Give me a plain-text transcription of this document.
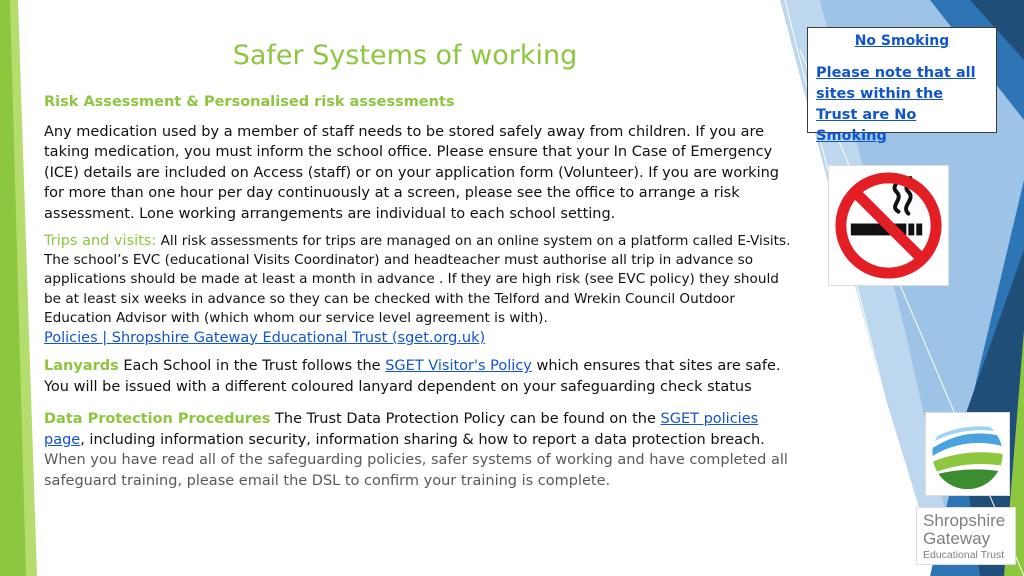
Safer Systems of working

Risk Assessment & Personalised risk assessments

Any medication used by a member of staff needs to be stored safely away from children. If you are taking medication, you must inform the school office. Please ensure that your In Case of Emergency (ICE) details are included on Access (staff) or on your application form (Volunteer). If you are working for more than one hour per day continuously at a screen, please see the office to arrange a risk assessment. Lone working arrangements are individual to each school setting.

Trips and visits: All risk assessments for trips are managed on an online system on a platform called E-Visits. The school’s EVC (educational Visits Coordinator) and headteacher must authorise all trip in advance so applications should be made at least a month in advance . If they are high risk (see EVC policy) they should be at least six weeks in advance so they can be checked with the Telford and Wrekin Council Outdoor Education Advisor with (which whom our service level agreement is with).
Policies | Shropshire Gateway Educational Trust (sget.org.uk)

Lanyards Each School in the Trust follows the SGET Visitor's Policy which ensures that sites are safe. You will be issued with a different coloured lanyard dependent on your safeguarding check status

Data Protection Procedures The Trust Data Protection Policy can be found on the SGET policies page, including information security, information sharing & how to report a data protection breach. When you have read all of the safeguarding policies, safer systems of working and have completed all safeguard training, please email the DSL to confirm your training is complete.

No Smoking

Please note that all sites within the Trust are No Smoking

Shropshire
Gateway
Educational Trust
